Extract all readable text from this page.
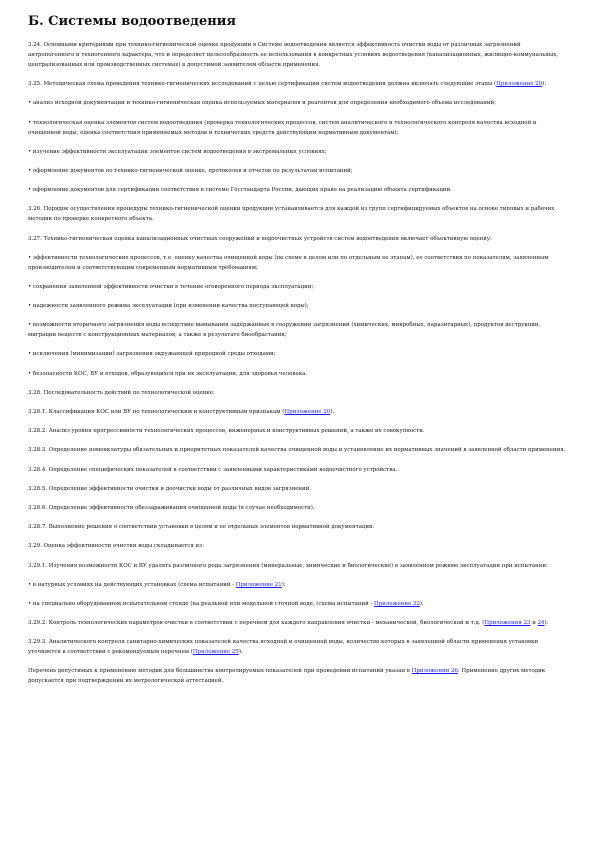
Б. Системы водоотведения

3.24. Основными критериями при технико-гигиенической оценке продукции в Системе водоотведения является эффективность очистки воды от различных загрязнений антропогенного и техногенного характера, что и определяет целесообразность ее использования в конкретных условиях водоотведения (канализационных, жилищно-коммунальных, централизованных или производственных системах) в допустимой заявителем области применения.

3.25. Методическая схема проведения технико-гигиенических исследований с целью сертификации систем водоотведения должна включать следующие этапы (Приложение 20):

• анализ исходной документации и технико-гигиеническая оценка используемых материалов и реагентов для определения необходимого объема исследований;

• технологическая оценка элементов систем водоотведения (проверка технологических процессов, систем аналитического и технологического контроля качества исходной и очищенной воды, оценка соответствия применяемых методов и технических средств действующим нормативным документам);

• изучение эффективности эксплуатации элементов систем водоотведения в экстремальных условиях;

• оформление документов по технико-гигиенической оценке, протоколов и отчетов по результатам испытаний;

• оформление документов для сертификации соответствия в системе Госстандарта России, дающих право на реализацию объекта сертификации.

3.26. Порядок осуществления процедуры технико-гигиенической оценки продукции устанавливается для каждой из групп сертифицируемых объектов на основе типовых и рабочих методик по проверке конкретного объекта.

3.27. Технико-гигиеническая оценка канализационных очистных сооружений и водоочистных устройств систем водоотведения включает объективную оценку:

• эффективности технологических процессов, т.е. оценку качества очищенной воды (по схеме в целом или по отдельным ее этапам), ее соответствия по показателям, заявленным производителем и соответствующим современным нормативным требованиям;

• сохранения заявленной эффективности очистки в течение оговоренного периода эксплуатации;

• надежности заявленного режима эксплуатации (при изменении качества поступающей воды);

• возможности вторичного загрязнения воды вследствие вымывания задержанных в сооружении загрязнений (химических, микробных, паразитарных), продуктов деструкции, миграции веществ с конструкционных материалов, а также в результате биообрастания;

• исключения (минимизации) загрязнения окружающей природной среды отходами;

• безопасности КОС, ВУ и отходов, образующихся при их эксплуатации, для здоровья человека.

3.28. Последовательность действий по технологической оценке:

3.28.1. Классификация КОС или ВУ по технологическим и конструктивным признакам (Приложение 20).

3.28.2. Анализ уровня прогрессивности технологических процессов, инженерных и конструктивных решений, а также их совокупности.

3.28.3. Определение номенклатуры обязательных и приоритетных показателей качества очищенной воды и установление их нормативных значений в заявленной области применения.

3.28.4. Определение специфических показателей в соответствии с заявленными характеристиками водоочистного устройства.

3.28.5. Определение эффективности очистки и доочистки воды от различных видов загрязнений.

3.28.6. Определение эффективности обеззараживания очищенной воды (в случае необходимости).

3.28.7. Выполнение решения о соответствии установки в целом и ее отдельных элементов нормативной документации.

3.29. Оценка эффективности очистки воды складывается из:

3.29.1. Изучения возможности КОС и ВУ удалять различного рода загрязнения (минеральные, химические и биологические) в заявленном режиме эксплуатации при испытании:

• в натурных условиях на действующих установках (схема испытаний - Приложение 21);

• на специально оборудованном испытательном стенде (на реальной или модельной сточной воде, (схема испытаний - Приложение 22).

3.29.2. Контроль технологических параметров очистки в соответствии с перечнем для каждого направления очистки - механической, биологической и т.д. (Приложения 23 и 24).

3.29.3. Аналитического контроля санитарно-химических показателей качества исходной и очищенной воды, количество которых в заявленной области применения установки уточняется в соответствии с рекомендуемым перечнем (Приложение 25).

Перечень допустимых к применению методик для большинства контролируемых показателей при проведении испытаний указан в Приложении 26. Применение других методик допускается при подтверждении их метрологической аттестацией.
